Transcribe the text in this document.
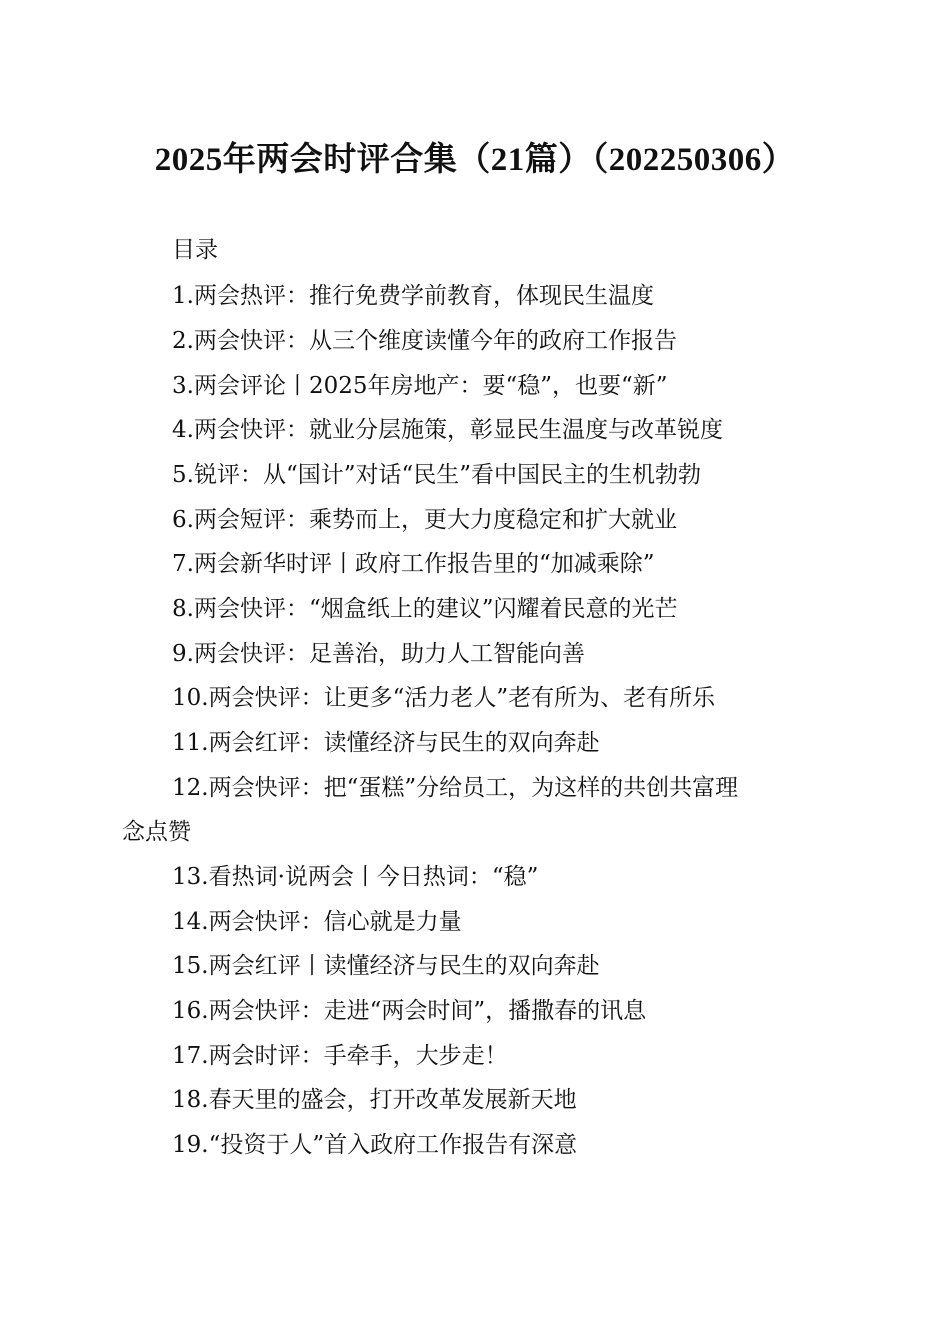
2025年两会时评合集（21篇）（202250306）
目录
1.两会热评：推行免费学前教育，体现民生温度
2.两会快评：从三个维度读懂今年的政府工作报告
3.两会评论丨2025年房地产：要“稳”，也要“新”
4.两会快评：就业分层施策，彰显民生温度与改革锐度
5.锐评：从“国计”对话“民生”看中国民主的生机勃勃
6.两会短评：乘势而上，更大力度稳定和扩大就业
7.两会新华时评丨政府工作报告里的“加减乘除”
8.两会快评：“烟盒纸上的建议”闪耀着民意的光芒
9.两会快评：足善治，助力人工智能向善
10.两会快评：让更多“活力老人”老有所为、老有所乐
11.两会红评：读懂经济与民生的双向奔赴
12.两会快评：把“蛋糕”分给员工，为这样的共创共富理
念点赞
13.看热词·说两会丨今日热词：“稳”
14.两会快评：信心就是力量
15.两会红评丨读懂经济与民生的双向奔赴
16.两会快评：走进“两会时间”，播撒春的讯息
17.两会时评：手牵手，大步走！
18.春天里的盛会，打开改革发展新天地
19.“投资于人”首入政府工作报告有深意
